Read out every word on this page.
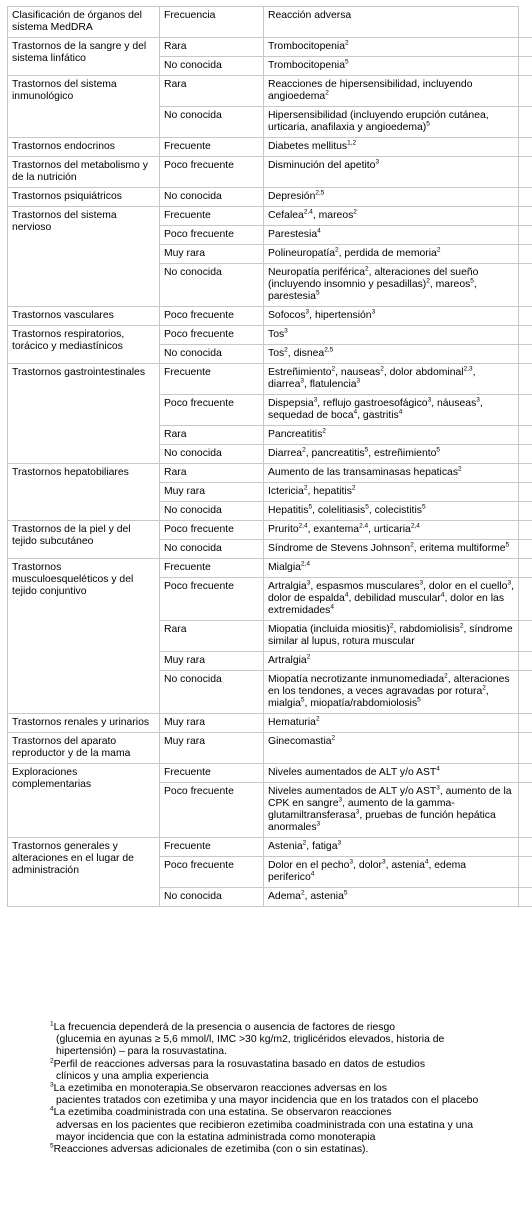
Clasificación de órganos del sistema MedDRA	Frecuencia	Reacción adversa
Trastornos de la sangre y del sistema linfático	Rara	Trombocitopenia$^2$
	No conocida	Trombocitopenia$^5$
Trastornos del sistema inmunológico	Rara	Reacciones de hipersensibilidad, incluyendo angioedema$^2$
	No conocida	Hipersensibilidad (incluyendo erupción cutánea, urticaria, anafilaxia y angioedema)$^5$
Trastornos endocrinos	Frecuente	Diabetes mellitus$^{1,2}$
Trastornos del metabolismo y de la nutrición	Poco frecuente	Disminución del apetito$^3$
Trastornos psiquiátricos	No conocida	Depresión$^{2,5}$
Trastornos del sistema nervioso	Frecuente	Cefalea$^{2,4}$, mareos$^2$
	Poco frecuente	Parestesia$^4$
	Muy rara	Polineuropatía$^2$, perdida de memoria$^2$
	No conocida	Neuropatía periférica$^2$, alteraciones del sueño (incluyendo insomnio y pesadillas)$^2$, mareos$^5$, parestesia$^5$
Trastornos vasculares	Poco frecuente	Sofocos$^3$, hipertensión$^3$
Trastornos respiratorios, torácico y mediastínicos	Poco frecuente	Tos$^3$
	No conocida	Tos$^2$, disnea$^{2,5}$
Trastornos gastrointestinales	Frecuente	Estreñimiento$^2$, nauseas$^2$, dolor abdominal$^{2,3}$, diarrea$^3$, flatulencia$^3$
	Poco frecuente	Dispepsia$^3$, reflujo gastroesofágico$^3$, náuseas$^3$, sequedad de boca$^4$, gastritis$^4$
	Rara	Pancreatitis$^2$
	No conocida	Diarrea$^2$, pancreatitis$^5$, estreñimiento$^5$
Trastornos hepatobiliares	Rara	Aumento de las transaminasas hepaticas$^2$
	Muy rara	Ictericia$^2$, hepatitis$^2$
	No conocida	Hepatitis$^5$, colelitiasis$^5$, colecistitis$^5$
Trastornos de la piel y del tejido subcutáneo	Poco frecuente	Prurito$^{2,4}$, exantema$^{2,4}$, urticaria$^{2,4}$
	No conocida	Síndrome de Stevens Johnson$^2$, eritema multiforme$^5$
Trastornos musculoesqueléticos y del tejido conjuntivo	Frecuente	Mialgia$^{2,4}$
	Poco frecuente	Artralgia$^3$, espasmos musculares$^3$, dolor en el cuello$^3$, dolor de espalda$^4$, debilidad muscular$^4$, dolor en las extremidades$^4$
	Rara	Miopatia (incluida miositis)$^2$, rabdomiolisis$^2$, síndrome similar al lupus, rotura muscular
	Muy rara	Artralgia$^2$
	No conocida	Miopatía necrotizante inmunomediada$^2$, alteraciones en los tendones, a veces agravadas por rotura$^2$, mialgia$^5$, miopatía/rabdomiolosis$^5$
Trastornos renales y urinarios	Muy rara	Hematuria$^2$
Trastornos del aparato reproductor y de la mama	Muy rara	Ginecomastia$^2$
Exploraciones complementarias	Frecuente	Niveles aumentados de ALT y/o AST$^4$
	Poco frecuente	Niveles aumentados de ALT y/o AST$^3$, aumento de la CPK en sangre$^3$, aumento de la gamma-glutamiltransferasa$^3$, pruebas de función hepática anormales$^3$
Trastornos generales y alteraciones en el lugar de administración	Frecuente	Astenia$^2$, fatiga$^3$
	Poco frecuente	Dolor en el pecho$^3$, dolor$^3$, astenia$^4$, edema periferico$^4$
	No conocida	Adema$^2$, astenia$^5$

$^1$La frecuencia dependerá de la presencia o ausencia de factores de riesgo
(glucemia en ayunas ≥ 5,6 mmol/l, IMC >30 kg/m2, triglicéridos elevados, historia de hipertensión) – para la rosuvastatina.

$^2$Perfil de reacciones adversas para la rosuvastatina basado en datos de estudios
clínicos y una amplia experiencia

$^3$La ezetimiba en monoterapia.Se observaron reacciones adversas en los
pacientes tratados con ezetimiba y una mayor incidencia que en los tratados con el placebo

$^4$La ezetimiba coadministrada con una estatina. Se observaron reacciones
adversas en los pacientes que recibieron ezetimiba coadministrada con una estatina y una mayor incidencia que con la estatina administrada como monoterapia

$^5$Reacciones adversas adicionales de ezetimiba (con o sin estatinas).
